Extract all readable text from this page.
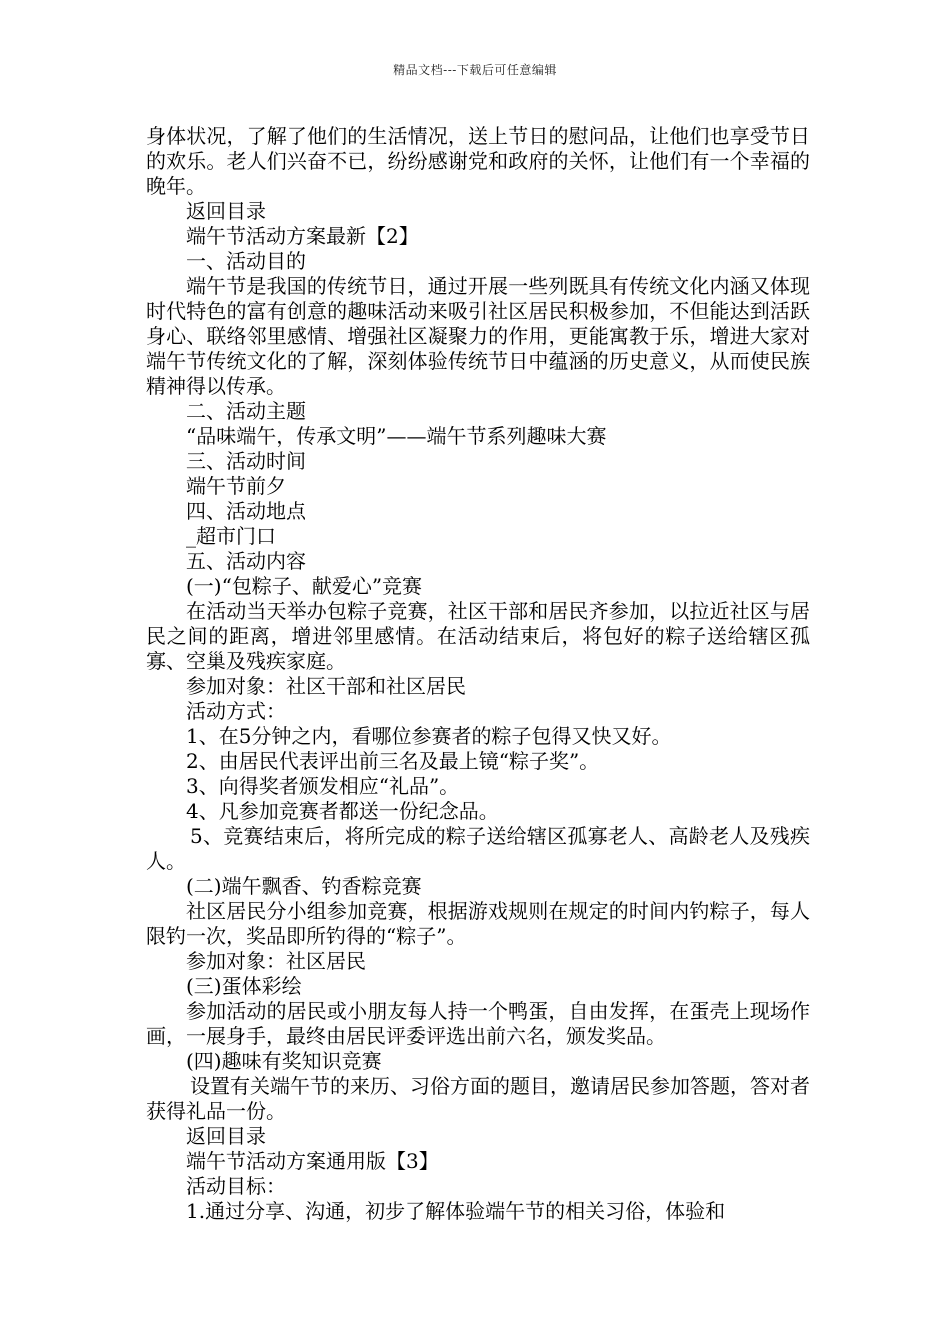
精品文档---下载后可任意编辑

身体状况，了解了他们的生活情况，送上节日的慰问品，让他们也享受节日的欢乐。老人们兴奋不已，纷纷感谢党和政府的关怀，让他们有一个幸福的晚年。

返回目录

端午节活动方案最新【2】

一、活动目的

端午节是我国的传统节日，通过开展一些列既具有传统文化内涵又体现时代特色的富有创意的趣味活动来吸引社区居民积极参加，不但能达到活跃身心、联络邻里感情、增强社区凝聚力的作用，更能寓教于乐，增进大家对端午节传统文化的了解，深刻体验传统节日中蕴涵的历史意义，从而使民族精神得以传承。

二、活动主题

“品味端午，传承文明”——端午节系列趣味大赛

三、活动时间

端午节前夕

四、活动地点

_超市门口

五、活动内容

(一)“包粽子、献爱心”竞赛

在活动当天举办包粽子竞赛，社区干部和居民齐参加，以拉近社区与居民之间的距离，增进邻里感情。在活动结束后，将包好的粽子送给辖区孤寡、空巢及残疾家庭。

参加对象：社区干部和社区居民

活动方式：

1、在5分钟之内，看哪位参赛者的粽子包得又快又好。

2、由居民代表评出前三名及最上镜“粽子奖”。

3、向得奖者颁发相应“礼品”。

4、凡参加竞赛者都送一份纪念品。

5、竞赛结束后，将所完成的粽子送给辖区孤寡老人、高龄老人及残疾人。

(二)端午飘香、钓香粽竞赛

社区居民分小组参加竞赛，根据游戏规则在规定的时间内钓粽子，每人限钓一次，奖品即所钓得的“粽子”。

参加对象：社区居民

(三)蛋体彩绘

参加活动的居民或小朋友每人持一个鸭蛋，自由发挥，在蛋壳上现场作画，一展身手，最终由居民评委评选出前六名，颁发奖品。

(四)趣味有奖知识竞赛

设置有关端午节的来历、习俗方面的题目，邀请居民参加答题，答对者获得礼品一份。

返回目录

端午节活动方案通用版【3】

活动目标：

1.通过分享、沟通，初步了解体验端午节的相关习俗，体验和
